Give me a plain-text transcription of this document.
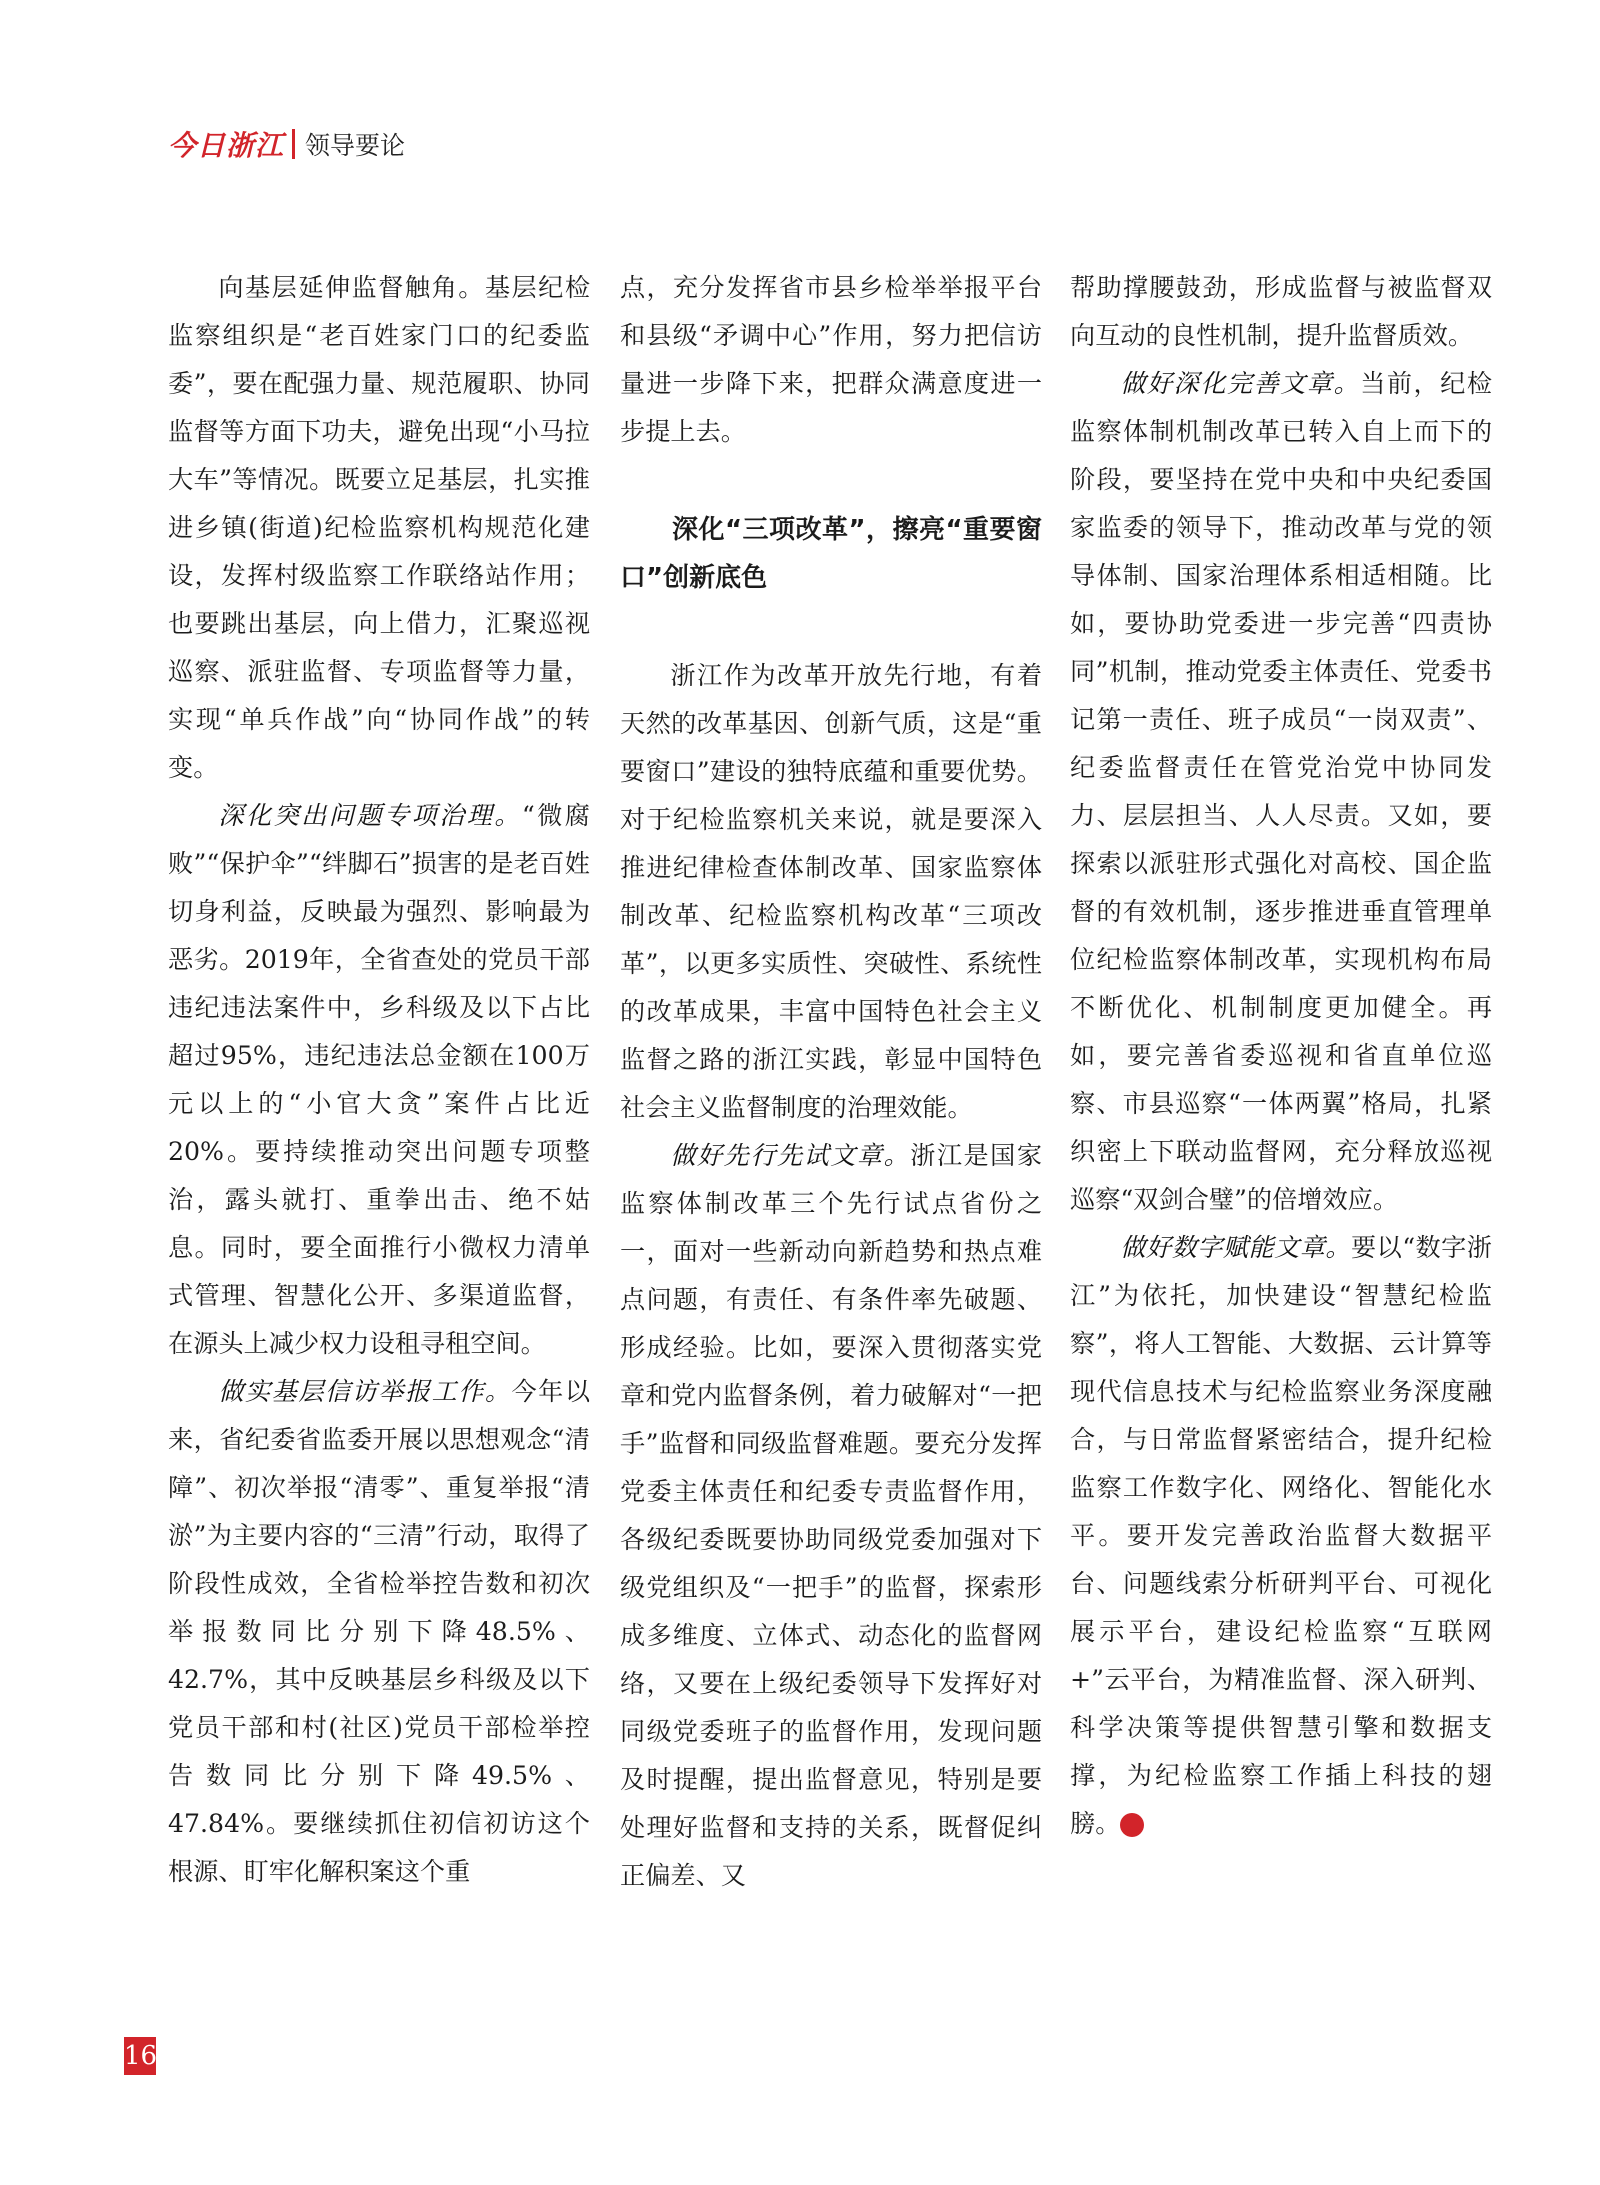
今日浙江 领导要论

向基层延伸监督触角。基层纪检监察组织是“老百姓家门口的纪委监委”，要在配强力量、规范履职、协同监督等方面下功夫，避免出现“小马拉大车”等情况。既要立足基层，扎实推进乡镇(街道)纪检监察机构规范化建设，发挥村级监察工作联络站作用；也要跳出基层，向上借力，汇聚巡视巡察、派驻监督、专项监督等力量，实现“单兵作战”向“协同作战”的转变。

深化突出问题专项治理。“微腐败”“保护伞”“绊脚石”损害的是老百姓切身利益，反映最为强烈、影响最为恶劣。2019年，全省查处的党员干部违纪违法案件中，乡科级及以下占比超过95%，违纪违法总金额在100万元以上的“小官大贪”案件占比近20%。要持续推动突出问题专项整治，露头就打、重拳出击、绝不姑息。同时，要全面推行小微权力清单式管理、智慧化公开、多渠道监督，在源头上减少权力设租寻租空间。

做实基层信访举报工作。今年以来，省纪委省监委开展以思想观念“清障”、初次举报“清零”、重复举报“清淤”为主要内容的“三清”行动，取得了阶段性成效，全省检举控告数和初次举报数同比分别下降48.5%、42.7%，其中反映基层乡科级及以下党员干部和村(社区)党员干部检举控告数同比分别下降49.5%、47.84%。要继续抓住初信初访这个根源、盯牢化解积案这个重

点，充分发挥省市县乡检举举报平台和县级“矛调中心”作用，努力把信访量进一步降下来，把群众满意度进一步提上去。

深化“三项改革”，擦亮“重要窗口”创新底色

浙江作为改革开放先行地，有着天然的改革基因、创新气质，这是“重要窗口”建设的独特底蕴和重要优势。对于纪检监察机关来说，就是要深入推进纪律检查体制改革、国家监察体制改革、纪检监察机构改革“三项改革”，以更多实质性、突破性、系统性的改革成果，丰富中国特色社会主义监督之路的浙江实践，彰显中国特色社会主义监督制度的治理效能。

做好先行先试文章。浙江是国家监察体制改革三个先行试点省份之一，面对一些新动向新趋势和热点难点问题，有责任、有条件率先破题、形成经验。比如，要深入贯彻落实党章和党内监督条例，着力破解对“一把手”监督和同级监督难题。要充分发挥党委主体责任和纪委专责监督作用，各级纪委既要协助同级党委加强对下级党组织及“一把手”的监督，探索形成多维度、立体式、动态化的监督网络，又要在上级纪委领导下发挥好对同级党委班子的监督作用，发现问题及时提醒，提出监督意见，特别是要处理好监督和支持的关系，既督促纠正偏差、又

帮助撑腰鼓劲，形成监督与被监督双向互动的良性机制，提升监督质效。

做好深化完善文章。当前，纪检监察体制机制改革已转入自上而下的阶段，要坚持在党中央和中央纪委国家监委的领导下，推动改革与党的领导体制、国家治理体系相适相随。比如，要协助党委进一步完善“四责协同”机制，推动党委主体责任、党委书记第一责任、班子成员“一岗双责”、纪委监督责任在管党治党中协同发力、层层担当、人人尽责。又如，要探索以派驻形式强化对高校、国企监督的有效机制，逐步推进垂直管理单位纪检监察体制改革，实现机构布局不断优化、机制制度更加健全。再如，要完善省委巡视和省直单位巡察、市县巡察“一体两翼”格局，扎紧织密上下联动监督网，充分释放巡视巡察“双剑合璧”的倍增效应。

做好数字赋能文章。要以“数字浙江”为依托，加快建设“智慧纪检监察”，将人工智能、大数据、云计算等现代信息技术与纪检监察业务深度融合，与日常监督紧密结合，提升纪检监察工作数字化、网络化、智能化水平。要开发完善政治监督大数据平台、问题线索分析研判平台、可视化展示平台，建设纪检监察“互联网+”云平台，为精准监督、深入研判、科学决策等提供智慧引擎和数据支撑，为纪检监察工作插上科技的翅膀。	今

16
